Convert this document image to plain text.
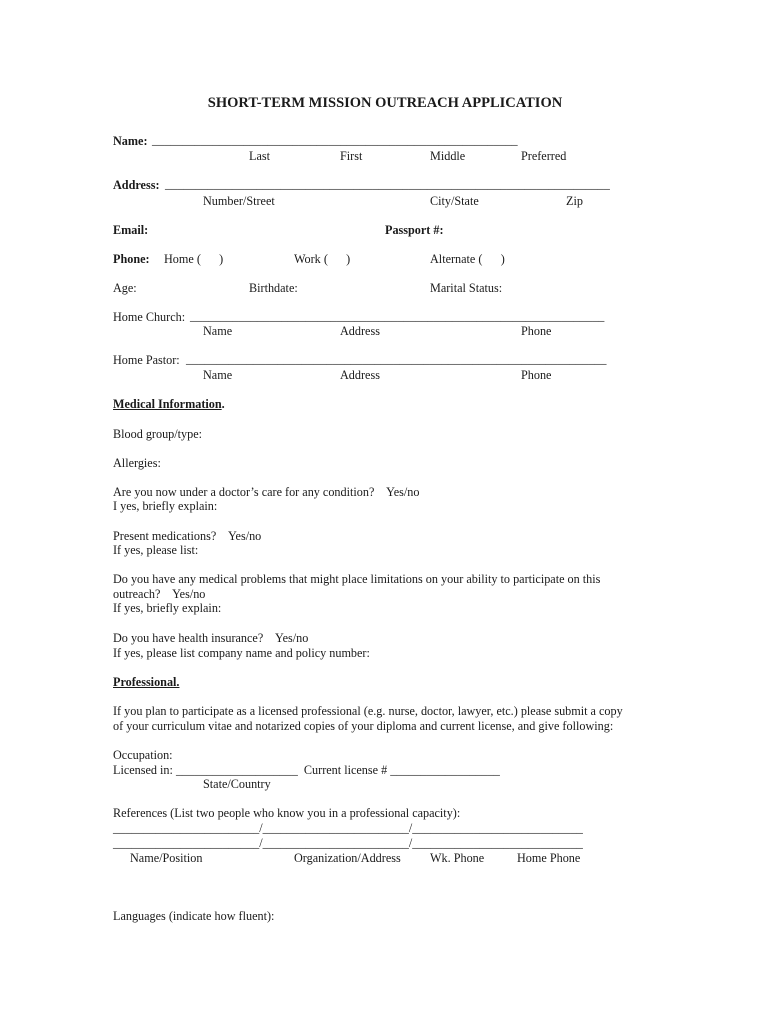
SHORT-TERM MISSION OUTREACH APPLICATION
Name: ____________________________________________________________
Last	First	Middle	Preferred
Address: _________________________________________________________________________
Number/Street	City/State	Zip
Email:	Passport #:
Phone: Home (      )	Work (      )	Alternate (      )
Age:	Birthdate:	Marital Status:
Home Church: ____________________________________________________________________
Name	Address	Phone
Home Pastor: _____________________________________________________________________
Name	Address	Phone
Medical Information.
Blood group/type:
Allergies:
Are you now under a doctor’s care for any condition?    Yes/no
I yes, briefly explain:
Present medications?    Yes/no
If yes, please list:
Do you have any medical problems that might place limitations on your ability to participate on this
outreach?    Yes/no
If yes, briefly explain:
Do you have health insurance?    Yes/no
If yes, please list company name and policy number:
Professional.
If you plan to participate as a licensed professional (e.g. nurse, doctor, lawyer, etc.) please submit a copy
of your curriculum vitae and notarized copies of your diploma and current license, and give following:
Occupation:
Licensed in: ____________________  Current license # __________________
State/Country
References (List two people who know you in a professional capacity):
________________________/________________________/____________________________
________________________/________________________/____________________________
Name/Position	Organization/Address Wk. Phone	Home Phone
Languages (indicate how fluent):
